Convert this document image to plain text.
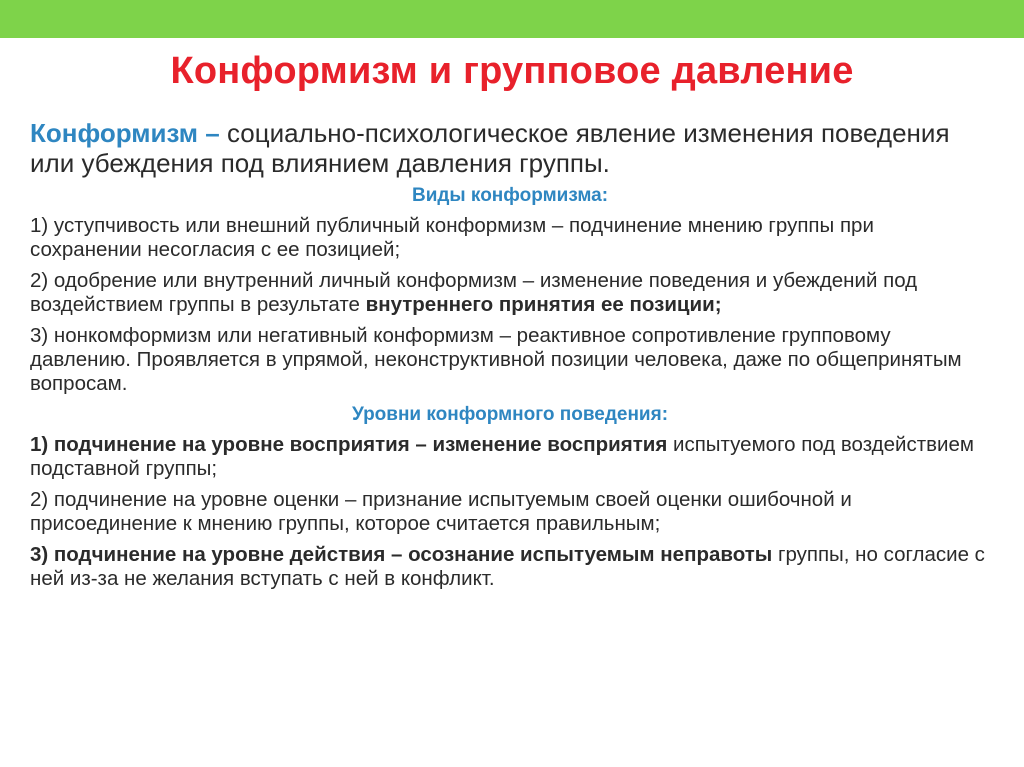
Конформизм и групповое давление
Конформизм – социально-психологическое явление изменения поведения или убеждения под влиянием давления группы.
Виды конформизма:
1) уступчивость или внешний публичный конформизм – подчинение мнению группы при сохранении несогласия с ее позицией;
2) одобрение или внутренний личный конформизм – изменение поведения и убеждений под воздействием группы в результате внутреннего принятия ее позиции;
3) нонкомформизм или негативный конформизм – реактивное сопротивление групповому давлению. Проявляется в упрямой, неконструктивной позиции человека, даже по общепринятым вопросам.
Уровни конформного поведения:
1) подчинение на уровне восприятия – изменение восприятия испытуемого под воздействием подставной группы;
2) подчинение на уровне оценки – признание испытуемым своей оценки ошибочной и присоединение к мнению группы, которое считается правильным;
3) подчинение на уровне действия – осознание испытуемым неправоты группы, но согласие с ней из-за не желания вступать с ней в конфликт.
